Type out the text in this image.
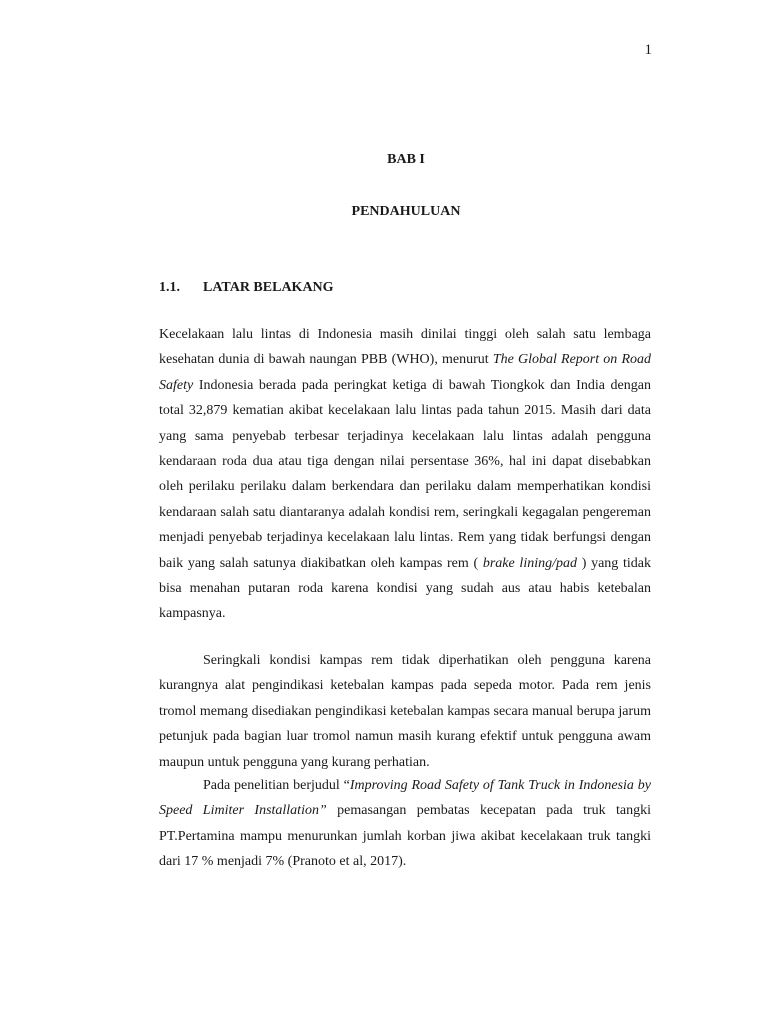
1
BAB I
PENDAHULUAN
1.1. LATAR BELAKANG

Kecelakaan lalu lintas di Indonesia masih dinilai tinggi oleh salah satu lembaga kesehatan dunia di bawah naungan PBB (WHO), menurut The Global Report on Road Safety Indonesia berada pada peringkat ketiga di bawah Tiongkok dan India dengan total 32,879 kematian akibat kecelakaan lalu lintas pada tahun 2015. Masih dari data yang sama penyebab terbesar terjadinya kecelakaan lalu lintas adalah pengguna kendaraan roda dua atau tiga dengan nilai persentase 36%, hal ini dapat disebabkan oleh perilaku perilaku dalam berkendara dan perilaku dalam memperhatikan kondisi kendaraan salah satu diantaranya adalah kondisi rem, seringkali kegagalan pengereman menjadi penyebab terjadinya kecelakaan lalu lintas. Rem yang tidak berfungsi dengan baik yang salah satunya diakibatkan oleh kampas rem ( brake lining/pad ) yang tidak bisa menahan putaran roda karena kondisi yang sudah aus atau habis ketebalan kampasnya.

Seringkali kondisi kampas rem tidak diperhatikan oleh pengguna karena kurangnya alat pengindikasi ketebalan kampas pada sepeda motor. Pada rem jenis tromol memang disediakan pengindikasi ketebalan kampas secara manual berupa jarum petunjuk pada bagian luar tromol namun masih kurang efektif untuk pengguna awam maupun untuk pengguna yang kurang perhatian.

Pada penelitian berjudul “Improving Road Safety of Tank Truck in Indonesia by Speed Limiter Installation” pemasangan pembatas kecepatan pada truk tangki PT.Pertamina mampu menurunkan jumlah korban jiwa akibat kecelakaan truk tangki dari 17 % menjadi 7% (Pranoto et al, 2017).
